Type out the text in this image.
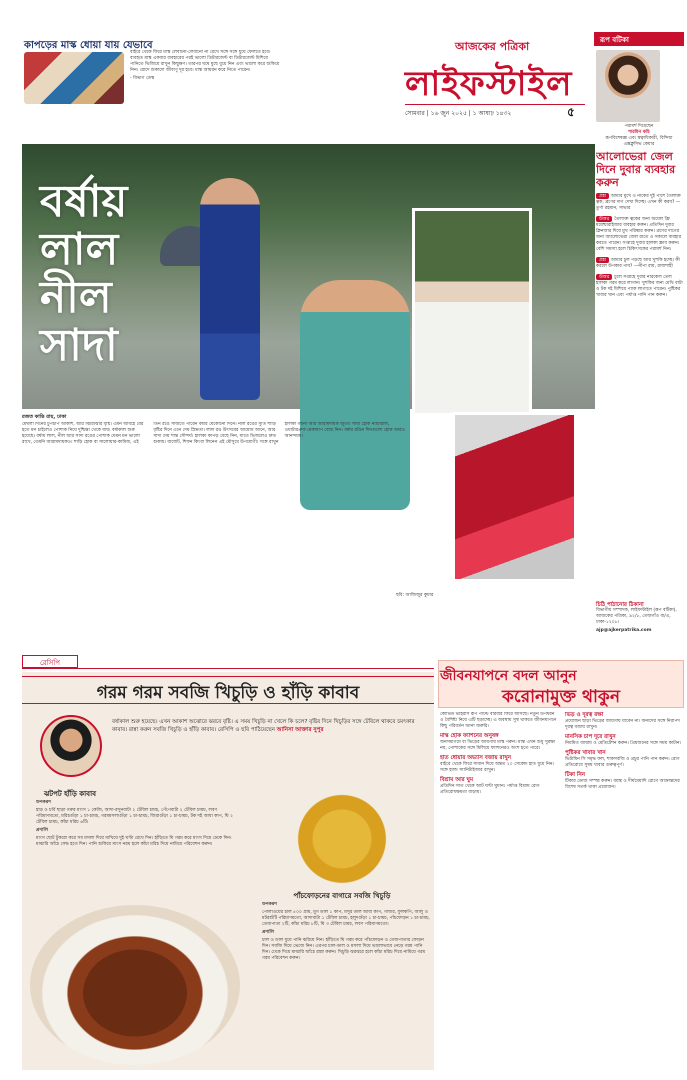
কাপড়ের মাস্ক ধোয়া যায় যেভাবে

বাইরে থেকে ফিরে মাস্ক লেবানো-লেবানো না রেখে সঙ্গে সঙ্গে ধুয়ে ফেলতে হবে। ব্যবহৃত মাস্ক একবার ব্যবহারের পরই ভালো ডিটারজেন্ট বা ডিটারজেন্ট মিশিয়ে পানিতে ভিজিয়ে রাখুন কিছুক্ষণ। তারপর ঘষে মুছে ধুয়ে নিন এবং ভালো করে শুকিয়ে নিন। রোদে শুকালে জীবাণু দূর হবে। মাস্ক আয়রন করে নিতে পারেন।

- বিভাগ ডেস্ক

আজকের পত্রিকা
লাইফস্টাইল
সোমবার | ১৬ জুন ২০২৫ | ১ আষাঢ় ১৪৩২	৫
রূপ বটিকা
পরামর্শ দিয়েছেন
শারমিন কচি
রূপবিশেষজ্ঞ এবং স্বত্বাধিকারী, বিন্দিয়া এক্সক্লুসিভ কেয়ার
বর্ষায় লাল নীল সাদা
রজত কান্তি রায়, ঢাকা

মেঘলা দিনের চুপচাপ আকাশ, আর ঝিরিঝিরি বৃষ্টি। এমন আবহে বের হতে মন চাইলেও পোশাক নিয়ে দুশ্চিন্তা থেকে যায়। বর্ষাকাল শুরু হয়েছে। বর্ষায় লাল, নীল আর সাদা রঙের পোশাক যেমন মন ভালো রাখে, তেমনি আরামদায়কও। শাড়ি হোক বা সালোয়ার-কামিজ, এই তিন রঙে সাজতে পারেন বর্ষার যেকোনো দিনে। নীল রঙের সুতি শাড়ি বৃষ্টির দিনে এনে দেয় স্নিগ্ধতা। লাল রঙ উৎসবের আমেজ আনে, আর সাদা দেয় শান্ত সৌন্দর্য। হালকা কাপড় বেছে নিন, যাতে ভিজলেও দ্রুত শুকায়। জর্জেট, শিফন কিংবা লিনেন এই মৌসুমে উপযোগী। সঙ্গে রাখুন হালকা গয়না আর আরামদায়ক জুতা। সাজ হোক ন্যাচারাল, ওয়াটারপ্রুফ মেকআপ বেছে নিন। বর্ষার রঙিন দিনগুলো হোক আরও আনন্দময়।

ছবি: আজিজুর কুমার
আলোভেরা জেল দিনে দুবার ব্যবহার করুন
প্রশ্ন আমার মুখে ও নাকের দুই পাশে তৈলাক্ত ত্বক, ব্রণের দাগ দেখা দিচ্ছে। এখন কী করব? —তুর্ণা রহমান, সাভার
উত্তর তৈলাক্ত ত্বকের জন্য অয়েল ফ্রি ময়েশ্চারাইজার ব্যবহার করুন। প্রতিদিন দুবার ক্লিনজার দিয়ে মুখ পরিষ্কার করুন। ব্রণের দাগের জন্য অ্যালোভেরা জেল রাতে ও সকালে ব্যবহার করতে পারেন। সপ্তাহে দুবার হালকা স্ক্রাব করুন। বেশি সমস্যা হলে চিকিৎসকের পরামর্শ নিন।
প্রশ্ন আমার চুল পড়ছে আর খুশকি হচ্ছে। কী করলে উপকার পাব? —নীপা রায়, রাজশাহী
উত্তর চুলে সপ্তাহে দুবার নারকেল তেল হালকা গরম করে লাগান। খুশকির জন্য মেথি বাটা ও টক দই মিশিয়ে প্যাক লাগাতে পারেন। পুষ্টিকর খাবার খান এবং পর্যাপ্ত পানি পান করুন।
চিঠি পাঠানোর ঠিকানা
বিভাগীয় সম্পাদক, লাইফস্টাইল (রূপ বটিকা), আজকের পত্রিকা, ৯২/৮, তেজগাঁও বা/এ, ঢাকা-১২০৮।
ajp@ajkerpatrika.com
রেসিপি
গরম গরম সবজি খিচুড়ি ও হাঁড়ি কাবাব
বর্ষাকাল শুরু হয়েছে। এখন আকাশ অঝোরে ঝরবে বৃষ্টি। এ সময় খিচুড়ি না খেলে কি চলে? বৃষ্টির দিনে খিচুড়ির সঙ্গে টেবিলে থাকবে চমৎকার কাবাব। রান্না করুন সবজি খিচুড়ি ও হাঁড়ি কাবাব। রেসিপি ও ছবি পাঠিয়েছেন আনিসা আক্তার নুপুর
ঝটপট হাঁড়ি কাবাব

উপকরণ

হাড় ও চর্বি ছাড়া গরুর মাংস ১ কেজি, আদা-রসুনবাটা ২ টেবিল চামচ, পেঁপেবাটা ২ টেবিল চামচ, লবণ পরিমাণমতো, মরিচগুঁড়া ১ চা-চামচ, গরমমসলাগুঁড়া ১ চা-চামচ, জিরাগুঁড়া ১ চা-চামচ, টক দই আধা কাপ, ঘি ২ টেবিল চামচ, কাঁচা মরিচ ৬টি।

প্রণালি

মাংস ছোট টুকরো করে সব মসলা দিয়ে মাখিয়ে দুই ঘণ্টা রেখে দিন। হাঁড়িতে ঘি গরম করে মাংস দিয়ে ঢেকে দিন। মাঝারি আঁচে সেদ্ধ হতে দিন। পানি শুকিয়ে মাংস নরম হলে কাঁচা মরিচ দিয়ে নামিয়ে পরিবেশন করুন।

পাঁচফোড়নের বাগারে সবজি খিচুড়ি

উপকরণ

পোলাওয়ের চাল ৫০০ গ্রাম, মুগ ডাল ১ কাপ, মসুর ডাল আধা কাপ, গাজর, ফুলকপি, আলু ও মটরশুঁটি পরিমাণমতো, আদাবাটা ১ টেবিল চামচ, হলুদগুঁড়া ১ চা-চামচ, পাঁচফোড়ন ১ চা-চামচ, তেজপাতা ২টি, কাঁচা মরিচ ৮টি, ঘি ৩ টেবিল চামচ, লবণ পরিমাণমতো।

প্রণালি

চাল ও ডাল ধুয়ে পানি ঝরিয়ে নিন। হাঁড়িতে ঘি গরম করে পাঁচফোড়ন ও তেজপাতার ফোড়ন দিন। সবজি দিয়ে ভেজে নিন। এরপর চাল-ডাল ও মসলা দিয়ে ভালোভাবে নেড়ে গরম পানি দিন। ঢেকে দিয়ে মাঝারি আঁচে রান্না করুন। খিচুড়ি ঝরঝরে হলে কাঁচা মরিচ দিয়ে নামিয়ে গরম গরম পরিবেশন করুন।

জীবনযাপনে বদল আনুন
করোনামুক্ত থাকুন

কোভিড ভাইরাস রূপ পাল্টে বারবার ফিরে আসছে। নতুন উপধরন ও বৈশিষ্ট্য নিয়ে এটি ছড়াচ্ছে। এ অবস্থায় সুস্থ থাকতে জীবনযাপনে কিছু পরিবর্তন আনা জরুরি।

মাস্ক হোক ফ্যাশনের অনুষঙ্গ

জনসমাগমে বা ভিড়ের জায়গায় মাস্ক পরুন। মাস্ক এখন শুধু সুরক্ষা নয়, পোশাকের সঙ্গে মিলিয়ে ফ্যাশনেরও অংশ হতে পারে।

হাত ধোয়ার অভ্যাস বজায় রাখুন

বাইরে থেকে ফিরে সাবান দিয়ে অন্তত ২০ সেকেন্ড হাত ধুয়ে নিন। সঙ্গে হ্যান্ড স্যানিটাইজার রাখুন।

বিশ্রাম আর ঘুম

প্রতিদিন সাত থেকে আট ঘণ্টা ঘুমান। পর্যাপ্ত বিশ্রাম রোগ প্রতিরোধক্ষমতা বাড়ায়।

ভিড় ও দূরত্ব রক্ষা

প্রয়োজন ছাড়া ভিড়ের জায়গায় যাবেন না। অন্যদের সঙ্গে নিরাপদ দূরত্ব বজায় রাখুন।

মানসিক চাপ দূরে রাখুন

নিয়মিত ব্যায়াম ও মেডিটেশন করুন। প্রিয়জনের সঙ্গে সময় কাটান।

পুষ্টিকর খাবার খান

ভিটামিন সি সমৃদ্ধ ফল, শাকসবজি ও প্রচুর পানি পান করুন। রোগ প্রতিরোধে সুষম খাবার গুরুত্বপূর্ণ।

টিকা নিন

টিকার ডোজ সম্পন্ন করুন। বয়স্ক ও দীর্ঘমেয়াদি রোগে আক্রান্তদের বিশেষ সতর্ক থাকা প্রয়োজন।
